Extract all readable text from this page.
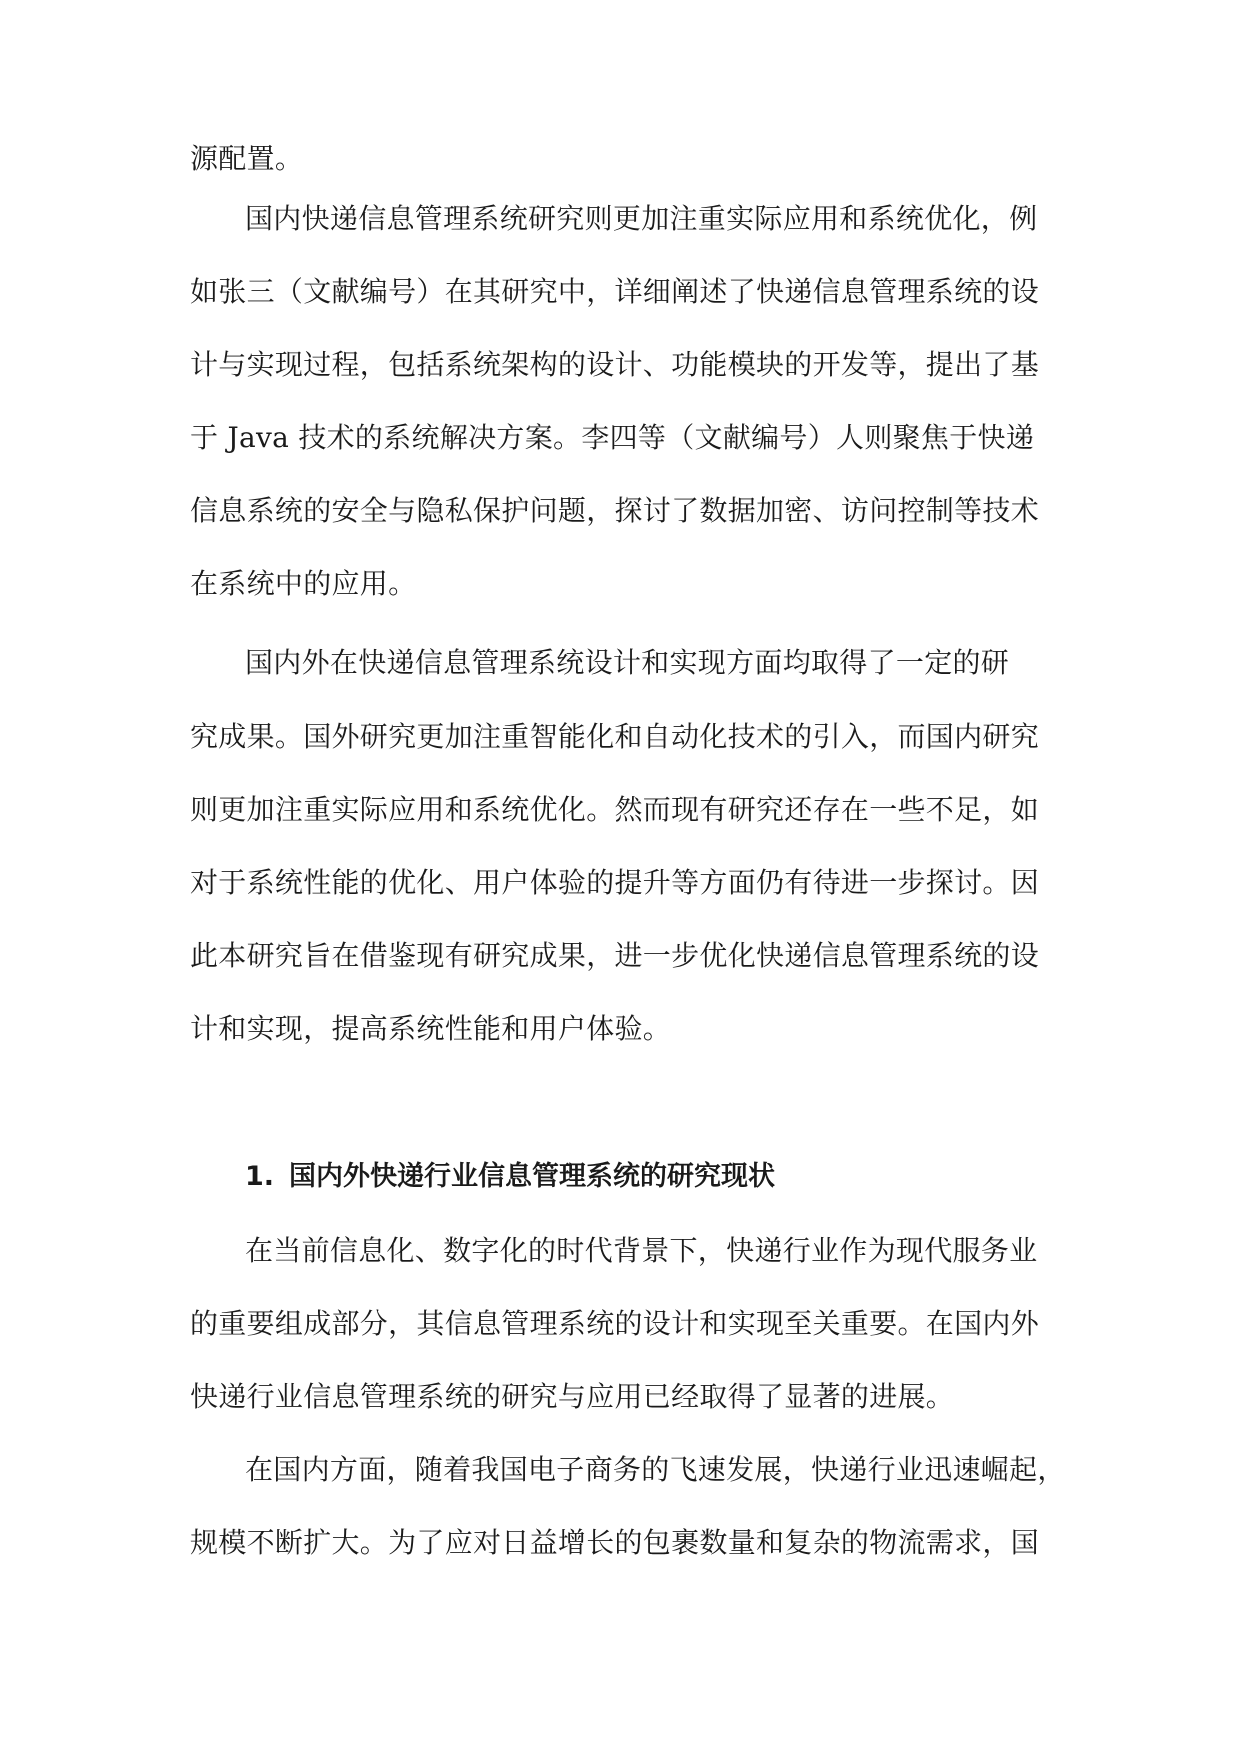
源配置。

国内快递信息管理系统研究则更加注重实际应用和系统优化，例

如张三（文献编号）在其研究中，详细阐述了快递信息管理系统的设

计与实现过程，包括系统架构的设计、功能模块的开发等，提出了基

于 Java 技术的系统解决方案。李四等（文献编号）人则聚焦于快递

信息系统的安全与隐私保护问题，探讨了数据加密、访问控制等技术

在系统中的应用。

国内外在快递信息管理系统设计和实现方面均取得了一定的研

究成果。国外研究更加注重智能化和自动化技术的引入，而国内研究

则更加注重实际应用和系统优化。然而现有研究还存在一些不足，如

对于系统性能的优化、用户体验的提升等方面仍有待进一步探讨。因

此本研究旨在借鉴现有研究成果，进一步优化快递信息管理系统的设

计和实现，提高系统性能和用户体验。

1. 国内外快递行业信息管理系统的研究现状

在当前信息化、数字化的时代背景下，快递行业作为现代服务业

的重要组成部分，其信息管理系统的设计和实现至关重要。在国内外

快递行业信息管理系统的研究与应用已经取得了显著的进展。

在国内方面，随着我国电子商务的飞速发展，快递行业迅速崛起，

规模不断扩大。为了应对日益增长的包裹数量和复杂的物流需求，国
